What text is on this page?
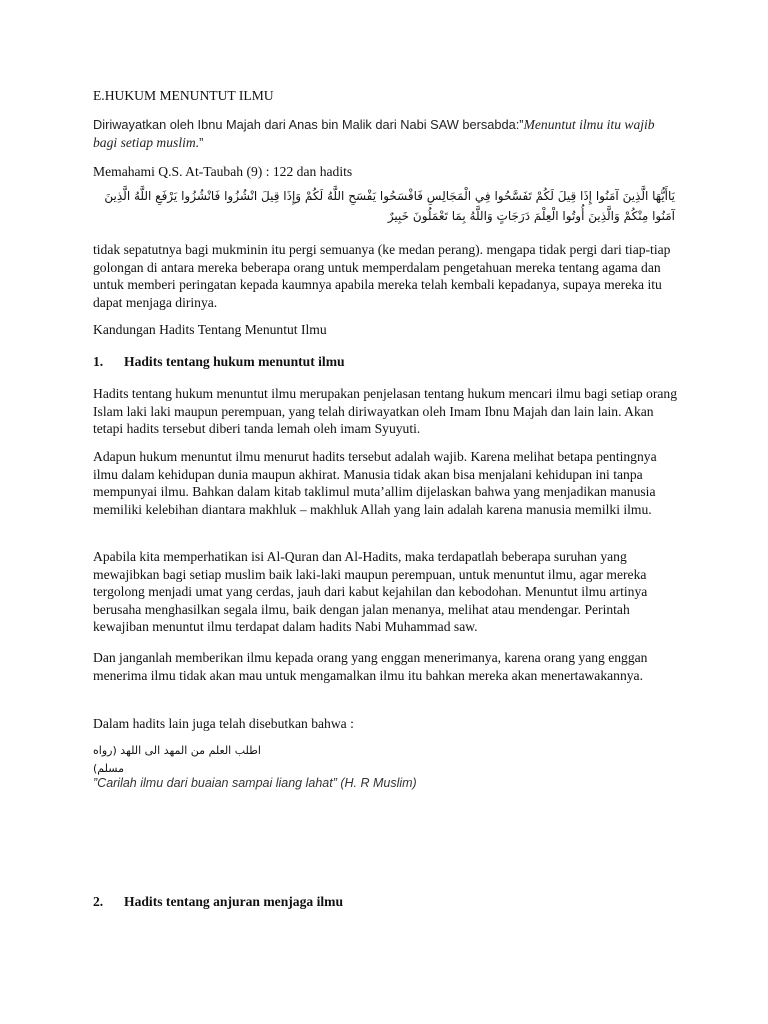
E.HUKUM MENUNTUT ILMU

Diriwayatkan oleh Ibnu Majah dari Anas bin Malik dari Nabi SAW bersabda:”Menuntut ilmu itu wajib bagi setiap muslim.”

Memahami Q.S. At-Taubah (9) : 122 dan hadits

يَاأَيُّهَا الَّذِينَ آمَنُوا إِذَا قِيلَ لَكُمْ تَفَسَّحُوا فِي الْمَجَالِسِ فَافْسَحُوا يَفْسَحِ اللَّهُ لَكُمْ وَإِذَا قِيلَ انْشُزُوا فَانْشُزُوا يَرْفَعِ اللَّهُ الَّذِينَ آمَنُوا مِنْكُمْ وَالَّذِينَ أُوتُوا الْعِلْمَ دَرَجَاتٍ وَاللَّهُ بِمَا تَعْمَلُونَ خَبِيرٌ

tidak sepatutnya bagi mukminin itu pergi semuanya (ke medan perang). mengapa tidak pergi dari tiap-tiap golongan di antara mereka beberapa orang untuk memperdalam pengetahuan mereka tentang agama dan untuk memberi peringatan kepada kaumnya apabila mereka telah kembali kepadanya, supaya mereka itu dapat menjaga dirinya.

Kandungan Hadits Tentang Menuntut Ilmu

1. Hadits tentang hukum menuntut ilmu

Hadits tentang hukum menuntut ilmu merupakan penjelasan tentang hukum mencari ilmu bagi setiap orang Islam laki laki maupun perempuan, yang telah diriwayatkan oleh Imam Ibnu Majah dan lain lain. Akan tetapi hadits tersebut diberi tanda lemah oleh imam Syuyuti.

Adapun hukum menuntut ilmu menurut hadits tersebut adalah wajib. Karena melihat betapa pentingnya ilmu dalam kehidupan dunia maupun akhirat. Manusia tidak akan bisa menjalani kehidupan ini tanpa mempunyai ilmu. Bahkan dalam kitab taklimul muta’allim dijelaskan bahwa yang menjadikan manusia memiliki kelebihan diantara makhluk – makhluk Allah yang lain adalah karena manusia memilki ilmu.

Apabila kita memperhatikan isi Al-Quran dan Al-Hadits, maka terdapatlah beberapa suruhan yang mewajibkan bagi setiap muslim baik laki-laki maupun perempuan, untuk menuntut ilmu, agar mereka tergolong menjadi umat yang cerdas, jauh dari kabut kejahilan dan kebodohan. Menuntut ilmu artinya berusaha menghasilkan segala ilmu, baik dengan jalan menanya, melihat atau mendengar. Perintah kewajiban menuntut ilmu terdapat dalam hadits Nabi Muhammad saw.

Dan janganlah memberikan ilmu kepada orang yang enggan menerimanya, karena orang yang enggan menerima ilmu tidak akan mau untuk mengamalkan ilmu itu bahkan mereka akan menertawakannya.

Dalam hadits lain juga telah disebutkan bahwa :

اطلب العلم من المهد الى اللهد (رواه مسلم)

”Carilah ilmu dari buaian sampai liang lahat” (H. R Muslim)

2. Hadits tentang anjuran menjaga ilmu
